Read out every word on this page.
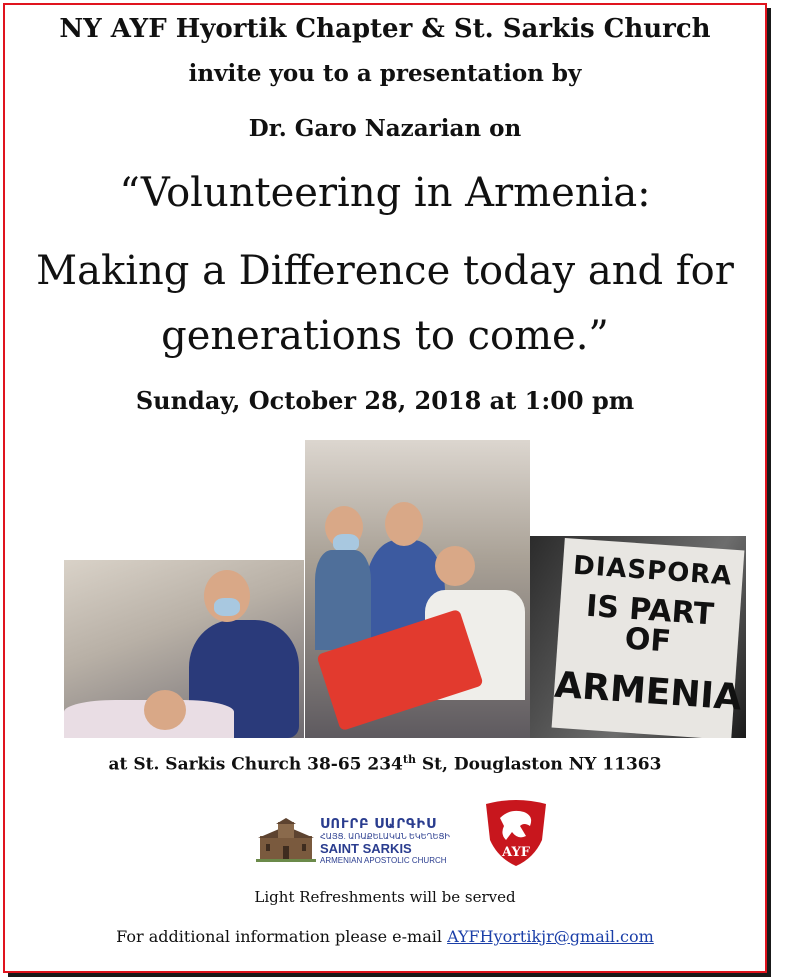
NY AYF Hyortik Chapter & St. Sarkis Church
invite you to a presentation by
Dr. Garo Nazarian on
“Volunteering in Armenia:
Making a Difference today and for
generations to come.”
Sunday, October 28, 2018 at 1:00 pm
DIASPORA
IS PART OF
ARMENIA
at St. Sarkis Church 38-65 234th St, Douglaston NY 11363
ՍՈՒՐԲ ՍԱՐԳԻՍ
ՀԱՅՑ. ԱՌԱՔԵԼԱԿԱՆ ԵԿԵՂԵՑԻ
SAINT SARKIS
ARMENIAN APOSTOLIC CHURCH
AYF
Light Refreshments will be served
For additional information please e-mail AYFHyortikjr@gmail.com
